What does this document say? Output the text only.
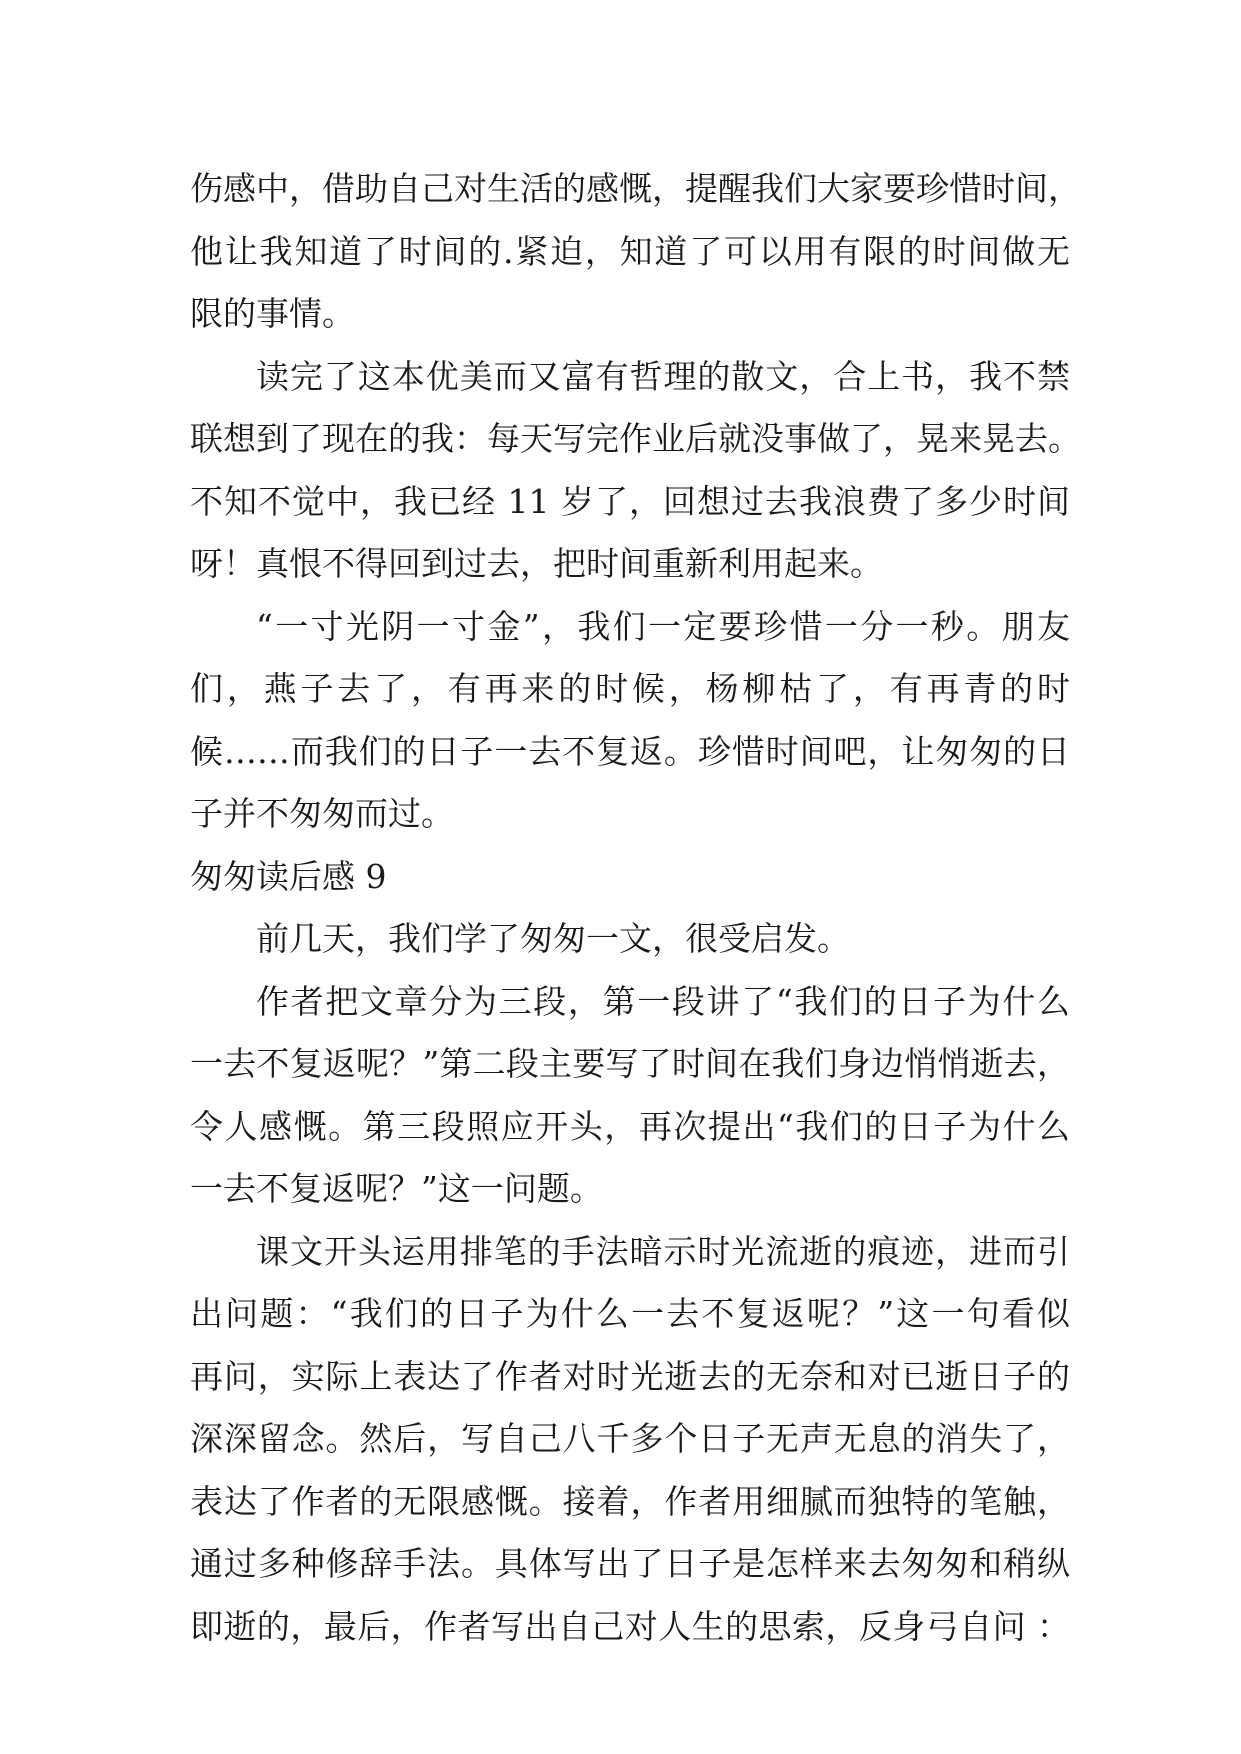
伤感中，借助自己对生活的感慨，提醒我们大家要珍惜时间，
他让我知道了时间的.紧迫，知道了可以用有限的时间做无
限的事情。
读完了这本优美而又富有哲理的散文，合上书，我不禁
联想到了现在的我：每天写完作业后就没事做了，晃来晃去。
不知不觉中，我已经 11 岁了，回想过去我浪费了多少时间
呀！真恨不得回到过去，把时间重新利用起来。
“一寸光阴一寸金”，我们一定要珍惜一分一秒。朋友
们，燕子去了，有再来的时候，杨柳枯了，有再青的时
候……而我们的日子一去不复返。珍惜时间吧，让匆匆的日
子并不匆匆而过。
匆匆读后感 9
前几天，我们学了匆匆一文，很受启发。
作者把文章分为三段，第一段讲了“我们的日子为什么
一去不复返呢？”第二段主要写了时间在我们身边悄悄逝去，
令人感慨。第三段照应开头，再次提出“我们的日子为什么
一去不复返呢？”这一问题。
课文开头运用排笔的手法暗示时光流逝的痕迹，进而引
出问题：“我们的日子为什么一去不复返呢？”这一句看似
再问，实际上表达了作者对时光逝去的无奈和对已逝日子的
深深留念。然后，写自己八千多个日子无声无息的消失了，
表达了作者的无限感慨。接着，作者用细腻而独特的笔触，
通过多种修辞手法。具体写出了日子是怎样来去匆匆和稍纵
即逝的，最后，作者写出自己对人生的思索，反身弓自问 ：
